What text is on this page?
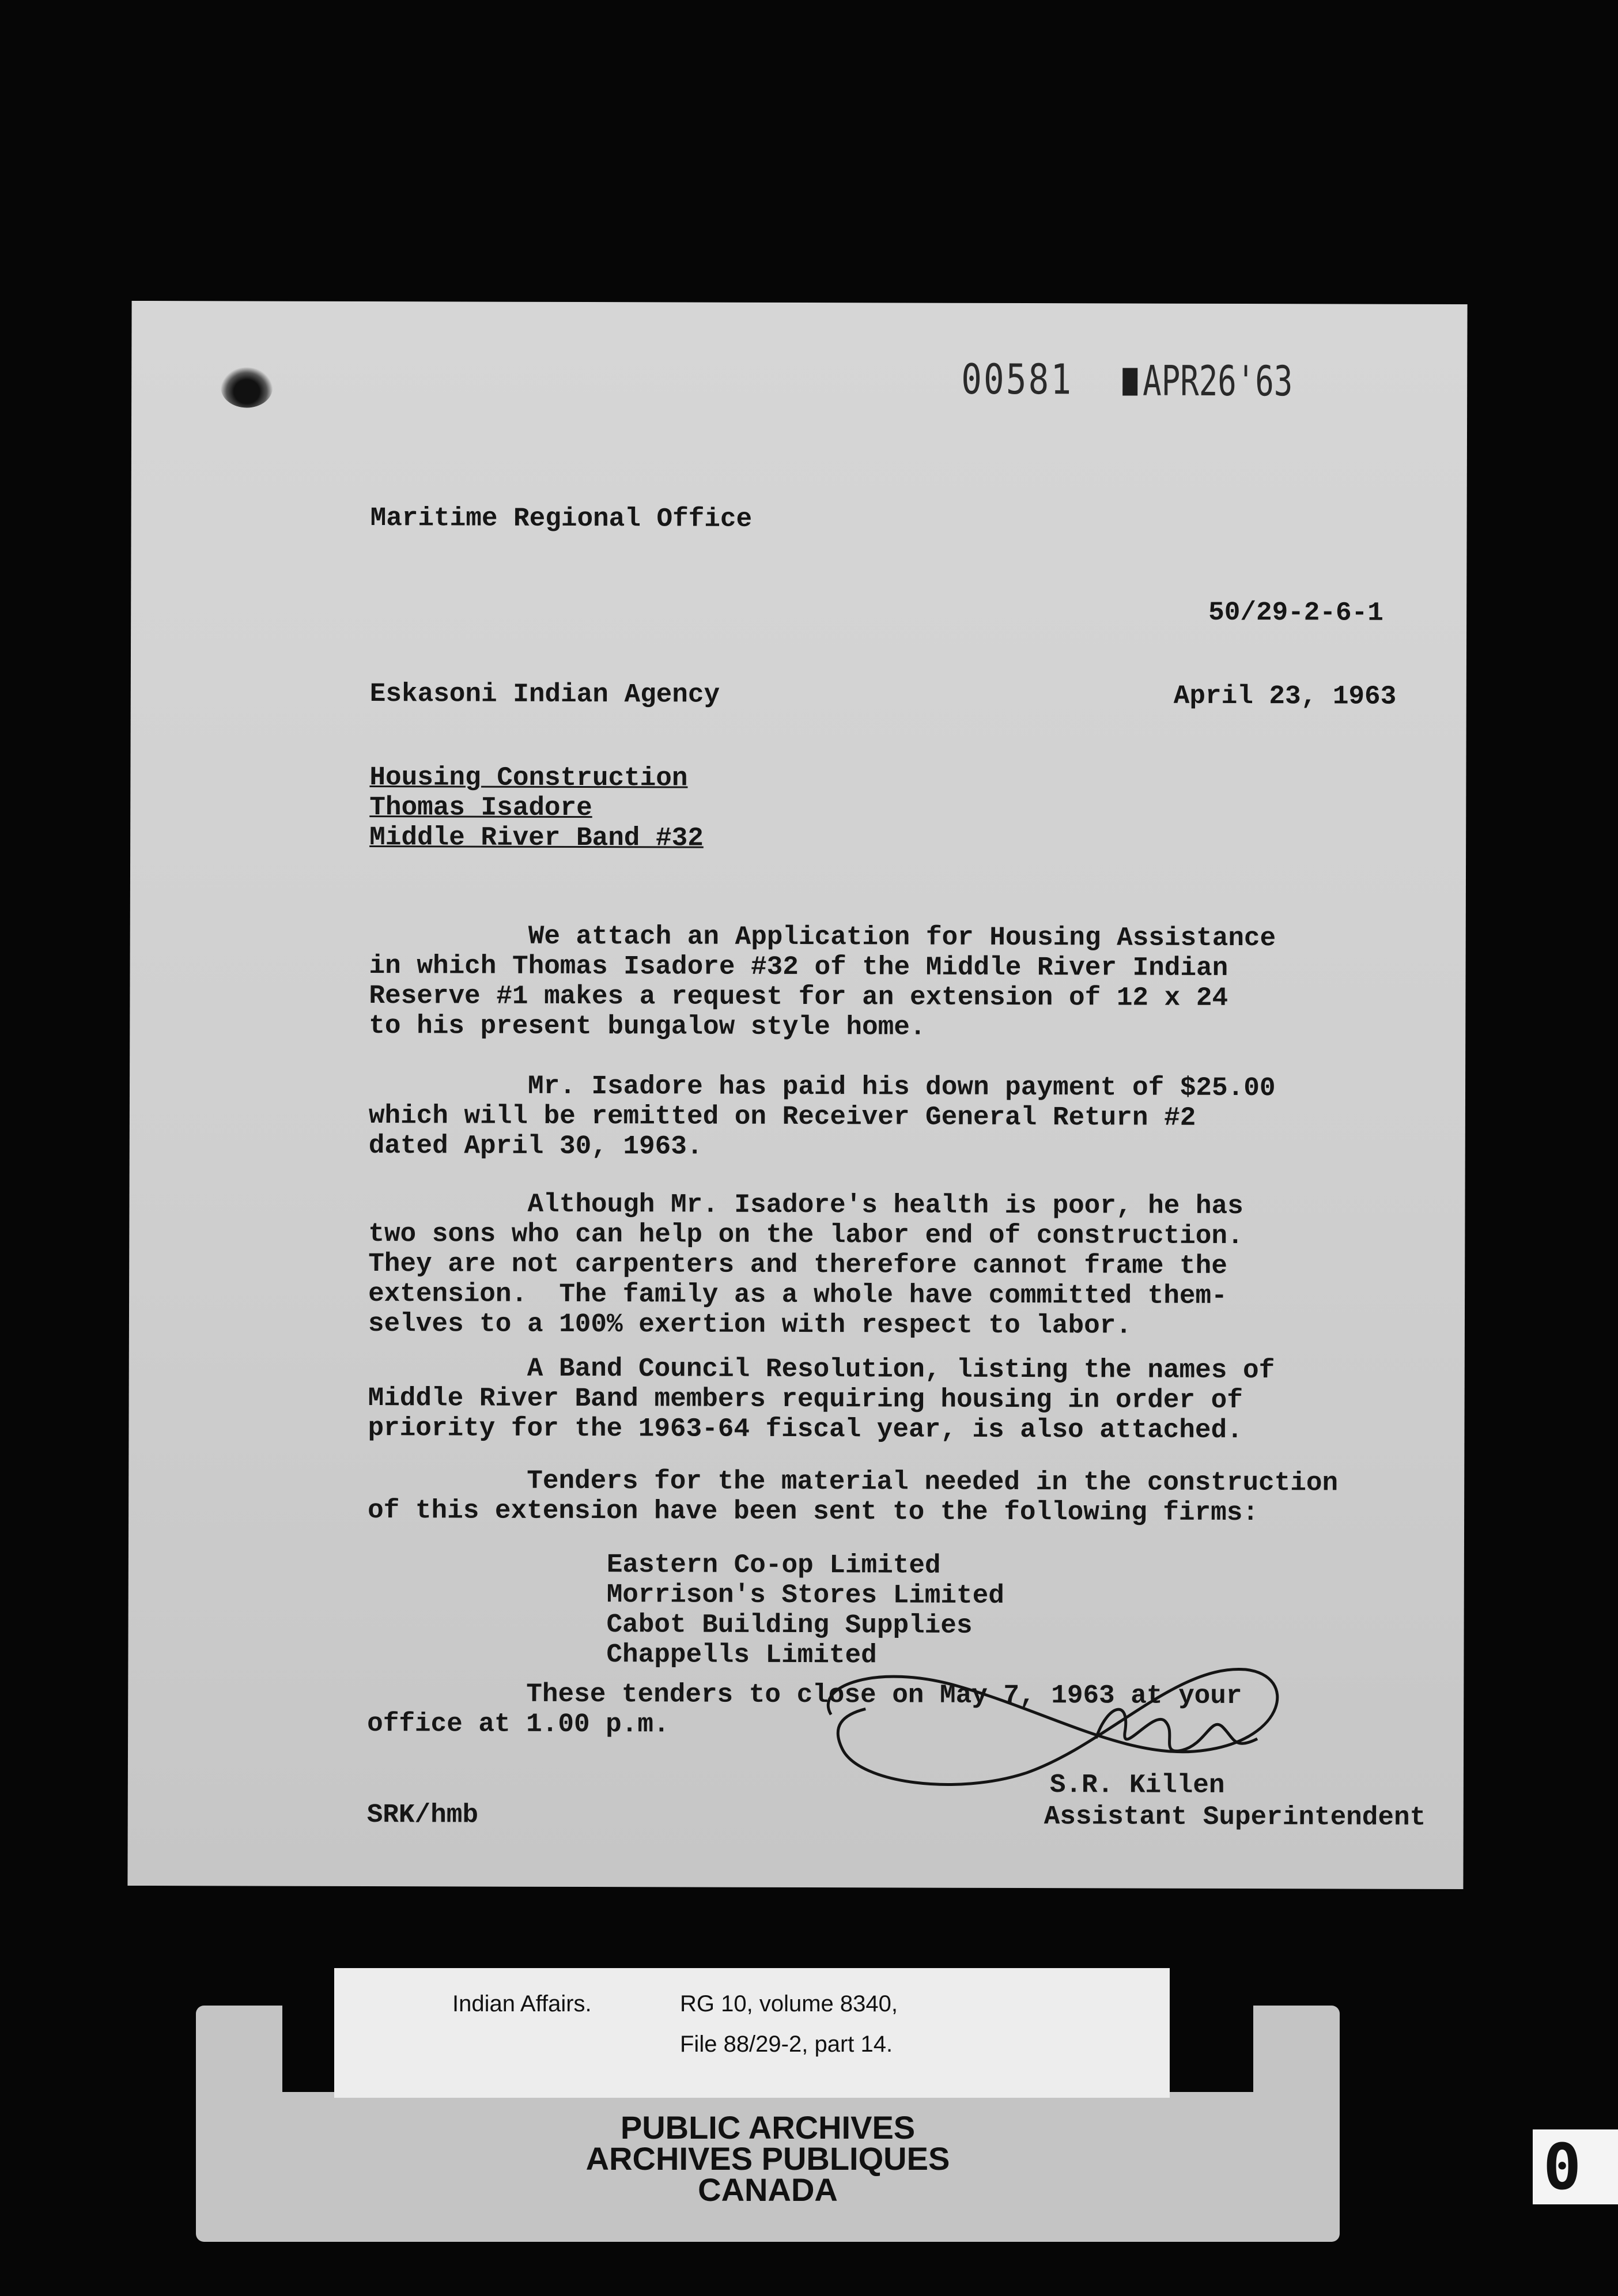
00581 APR26'63
Maritime Regional Office
50/29-2-6-1
Eskasoni Indian Agency	April 23, 1963
Housing Construction
Thomas Isadore
Middle River Band #32
We attach an Application for Housing Assistance
in which Thomas Isadore #32 of the Middle River Indian
Reserve #1 makes a request for an extension of 12 x 24
to his present bungalow style home.
Mr. Isadore has paid his down payment of $25.00
which will be remitted on Receiver General Return #2
dated April 30, 1963.
Although Mr. Isadore's health is poor, he has
two sons who can help on the labor end of construction.
They are not carpenters and therefore cannot frame the
extension.  The family as a whole have committed them-
selves to a 100% exertion with respect to labor.
A Band Council Resolution, listing the names of
Middle River Band members requiring housing in order of
priority for the 1963-64 fiscal year, is also attached.
Tenders for the material needed in the construction
of this extension have been sent to the following firms:
Eastern Co-op Limited
Morrison's Stores Limited
Cabot Building Supplies
Chappells Limited
These tenders to close on May 7, 1963 at your
office at 1.00 p.m.
S.R. Killen
Assistant Superintendent
SRK/hmb
PUBLIC ARCHIVES
ARCHIVES PUBLIQUES
CANADA
Indian Affairs.	RG 10, volume 8340,
File 88/29-2, part 14.
0
